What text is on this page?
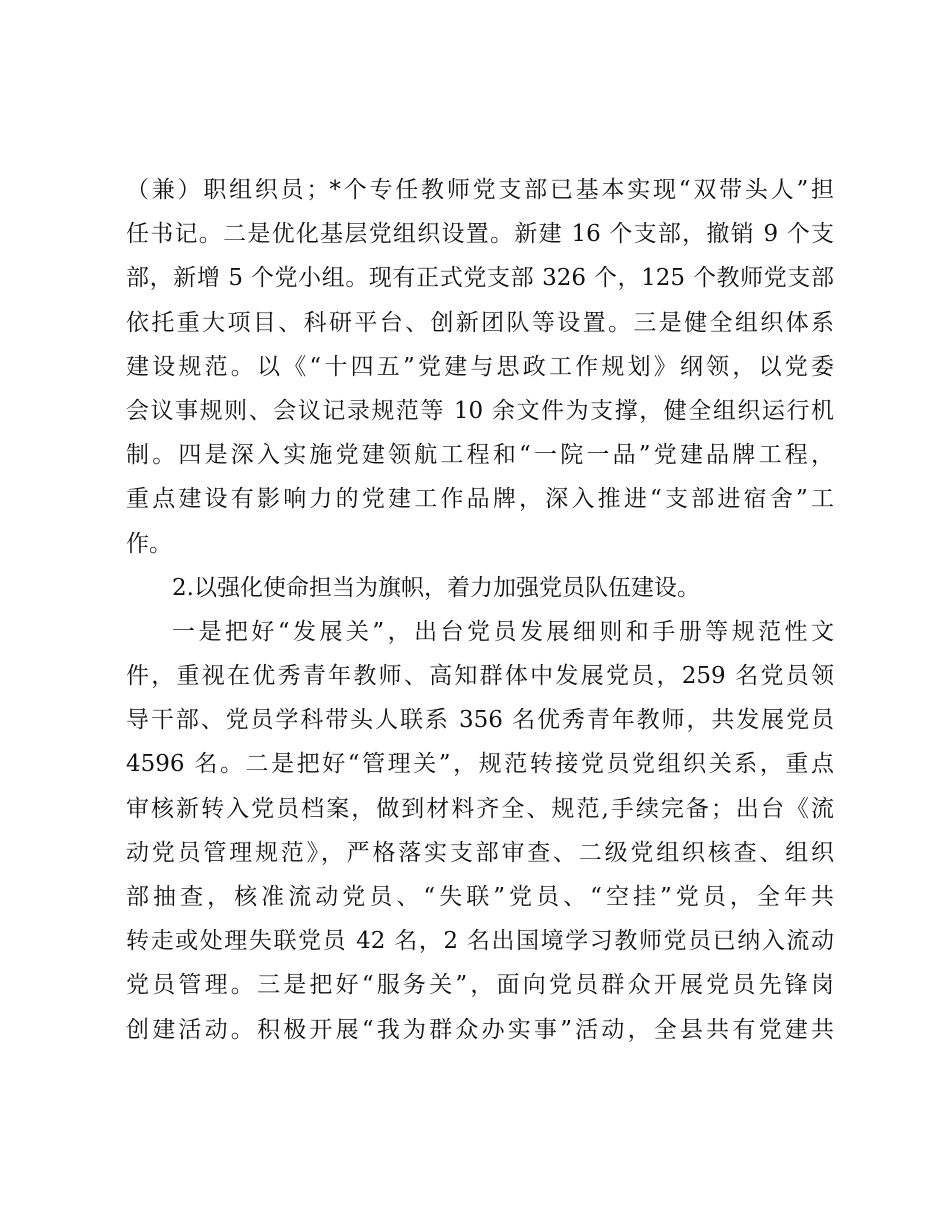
（兼）职组织员；*个专任教师党支部已基本实现“双带头人”担
任书记。二是优化基层党组织设置。新建 16 个支部，撤销 9 个支
部，新增 5 个党小组。现有正式党支部 326 个，125 个教师党支部
依托重大项目、科研平台、创新团队等设置。三是健全组织体系
建设规范。以《“十四五”党建与思政工作规划》纲领，以党委
会议事规则、会议记录规范等 10 余文件为支撑，健全组织运行机
制。四是深入实施党建领航工程和“一院一品”党建品牌工程，
重点建设有影响力的党建工作品牌，深入推进“支部进宿舍”工
作。
2.以强化使命担当为旗帜，着力加强党员队伍建设。
一是把好“发展关”，出台党员发展细则和手册等规范性文
件，重视在优秀青年教师、高知群体中发展党员，259 名党员领
导干部、党员学科带头人联系 356 名优秀青年教师，共发展党员
4596 名。二是把好“管理关”，规范转接党员党组织关系，重点
审核新转入党员档案，做到材料齐全、规范,手续完备；出台《流
动党员管理规范》，严格落实支部审查、二级党组织核查、组织
部抽查，核准流动党员、“失联”党员、“空挂”党员，全年共
转走或处理失联党员 42 名，2 名出国境学习教师党员已纳入流动
党员管理。三是把好“服务关”，面向党员群众开展党员先锋岗
创建活动。积极开展“我为群众办实事”活动，全县共有党建共
